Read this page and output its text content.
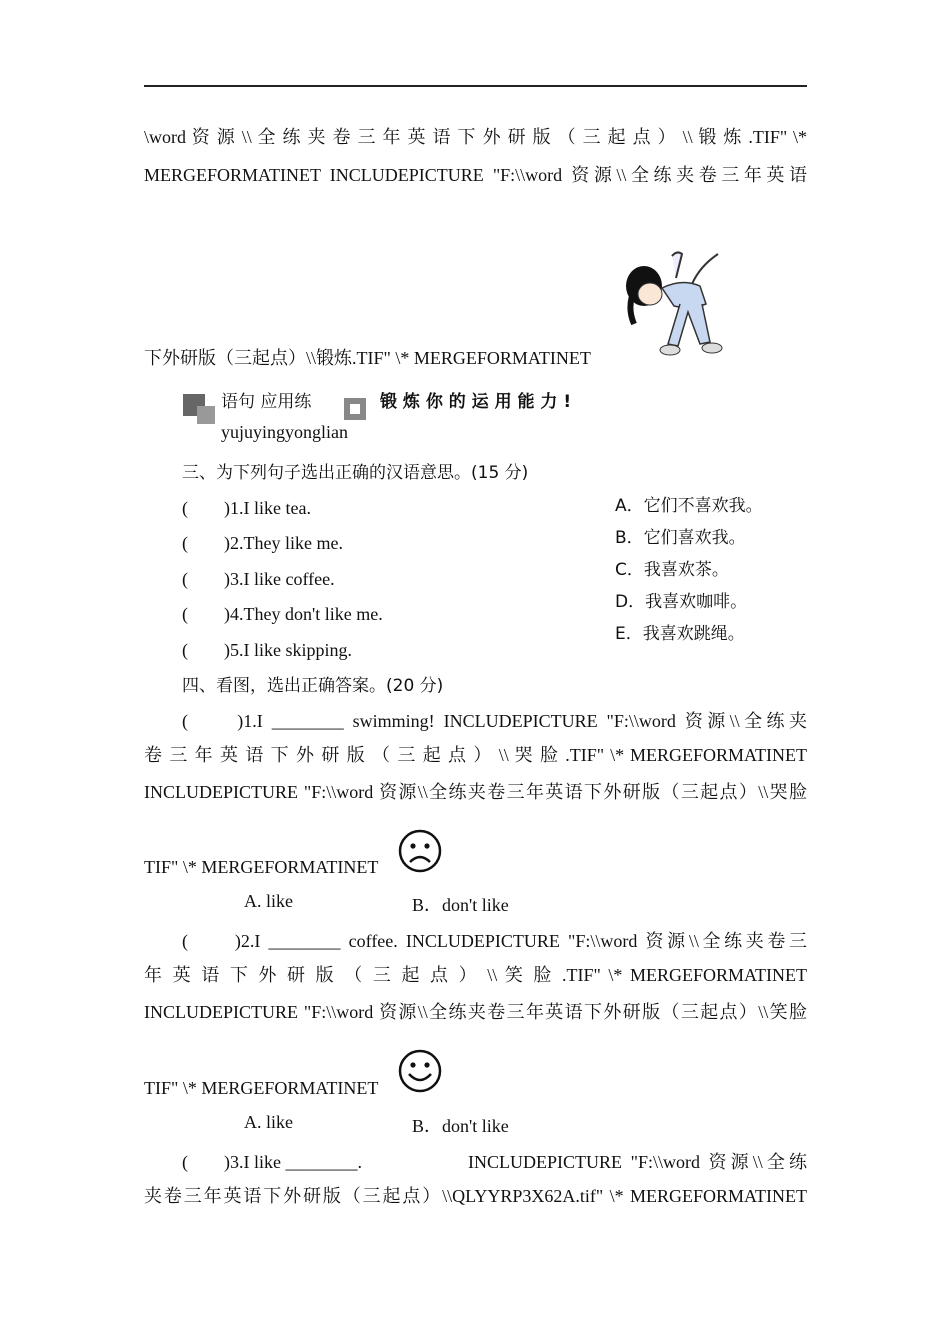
\word 资 源 \\ 全 练 夹 卷 三 年 英 语 下 外 研 版 （ 三 起 点 ） \\ 锻 炼 .TIF" \*
MERGEFORMATINET INCLUDEPICTURE "F:\\word 资源\\全练夹卷三年英语
下外研版（三起点）\\锻炼.TIF" \* MERGEFORMATINET
语句 应用练	锻 炼 你 的 运 用 能 力 !
yujuyingyonglian
三、为下列句子选出正确的汉语意思。(15 分)
(　　)1.I like tea.
(　　)2.They like me.
(　　)3.I like coffee.
(　　)4.They don't like me.
(　　)5.I like skipping.
A．它们不喜欢我。
B．它们喜欢我。
C．我喜欢茶。
D．我喜欢咖啡。
E．我喜欢跳绳。
四、看图，选出正确答案。(20 分)
(　　)1.I ________ swimming! INCLUDEPICTURE "F:\\word 资源\\全练夹
卷 三 年 英 语 下 外 研 版 （ 三 起 点 ） \\ 哭 脸 .TIF" \* MERGEFORMATINET
INCLUDEPICTURE "F:\\word 资源\\全练夹卷三年英语下外研版（三起点）\\哭脸
TIF" \* MERGEFORMATINET
A. like	B．don't like
(　　)2.I ________ coffee. INCLUDEPICTURE "F:\\word 资源\\全练夹卷三
年 英 语 下 外 研 版 （ 三 起 点 ） \\ 笑 脸 .TIF" \* MERGEFORMATINET
INCLUDEPICTURE "F:\\word 资源\\全练夹卷三年英语下外研版（三起点）\\笑脸
TIF" \* MERGEFORMATINET
A. like	B．don't like
(　　)3.I like ________.	INCLUDEPICTURE "F:\\word 资源\\全练
夹卷三年英语下外研版（三起点）\\QLYYRP3X62A.tif" \* MERGEFORMATINET
